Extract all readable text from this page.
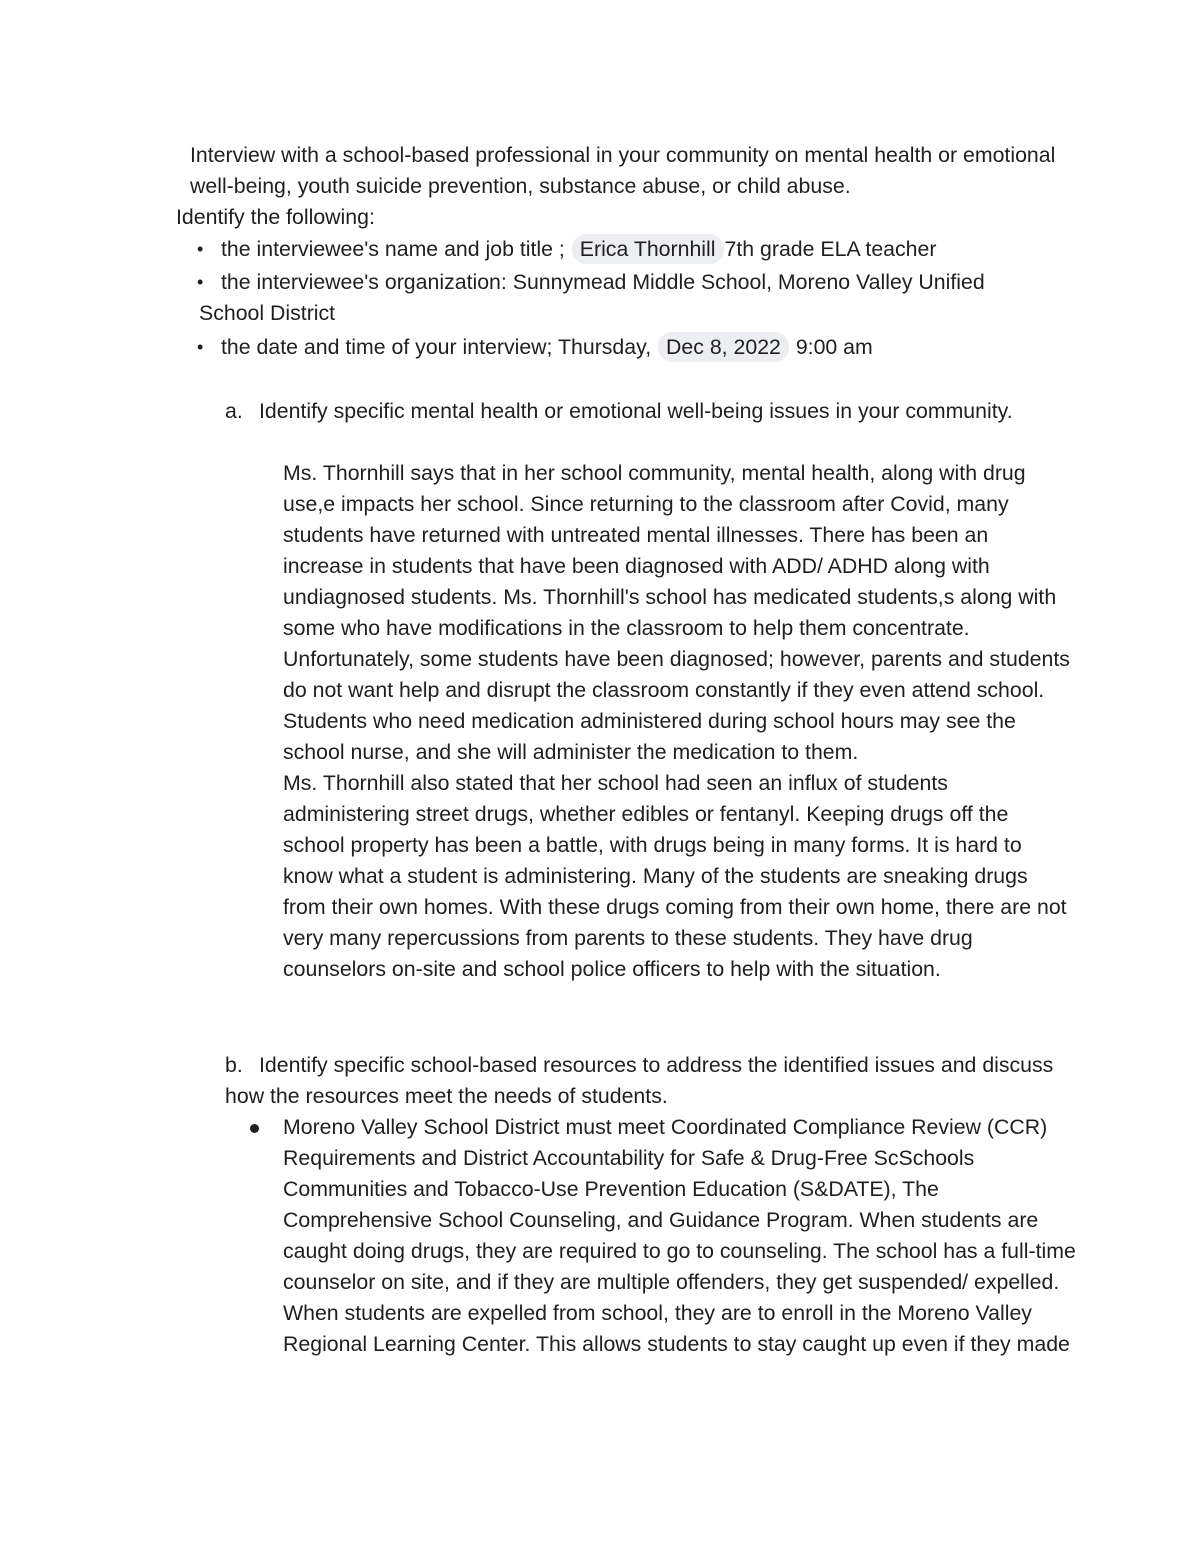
Interview with a school-based professional in your community on mental health or emotional well-being, youth suicide prevention, substance abuse, or child abuse.

Identify the following:

• the interviewee's name and job title ; Erica Thornhill 7th grade ELA teacher
• the interviewee's organization: Sunnymead Middle School, Moreno Valley Unified School District
• the date and time of your interview; Thursday, Dec 8, 2022 9:00 am
a. Identify specific mental health or emotional well-being issues in your community.

Ms. Thornhill says that in her school community, mental health, along with drug use,e impacts her school. Since returning to the classroom after Covid, many students have returned with untreated mental illnesses. There has been an increase in students that have been diagnosed with ADD/ ADHD along with undiagnosed students. Ms. Thornhill's school has medicated students,s along with some who have modifications in the classroom to help them concentrate. Unfortunately, some students have been diagnosed; however, parents and students do not want help and disrupt the classroom constantly if they even attend school. Students who need medication administered during school hours may see the school nurse, and she will administer the medication to them.

Ms. Thornhill also stated that her school had seen an influx of students administering street drugs, whether edibles or fentanyl. Keeping drugs off the school property has been a battle, with drugs being in many forms. It is hard to know what a student is administering. Many of the students are sneaking drugs from their own homes. With these drugs coming from their own home, there are not very many repercussions from parents to these students. They have drug counselors on-site and school police officers to help with the situation.

b. Identify specific school-based resources to address the identified issues and discuss how the resources meet the needs of students.
Moreno Valley School District must meet Coordinated Compliance Review (CCR) Requirements and District Accountability for Safe & Drug-Free ScSchools Communities and Tobacco-Use Prevention Education (S&DATE), The Comprehensive School Counseling, and Guidance Program. When students are caught doing drugs, they are required to go to counseling. The school has a full-time counselor on site, and if they are multiple offenders, they get suspended/ expelled. When students are expelled from school, they are to enroll in the Moreno Valley Regional Learning Center. This allows students to stay caught up even if they made
